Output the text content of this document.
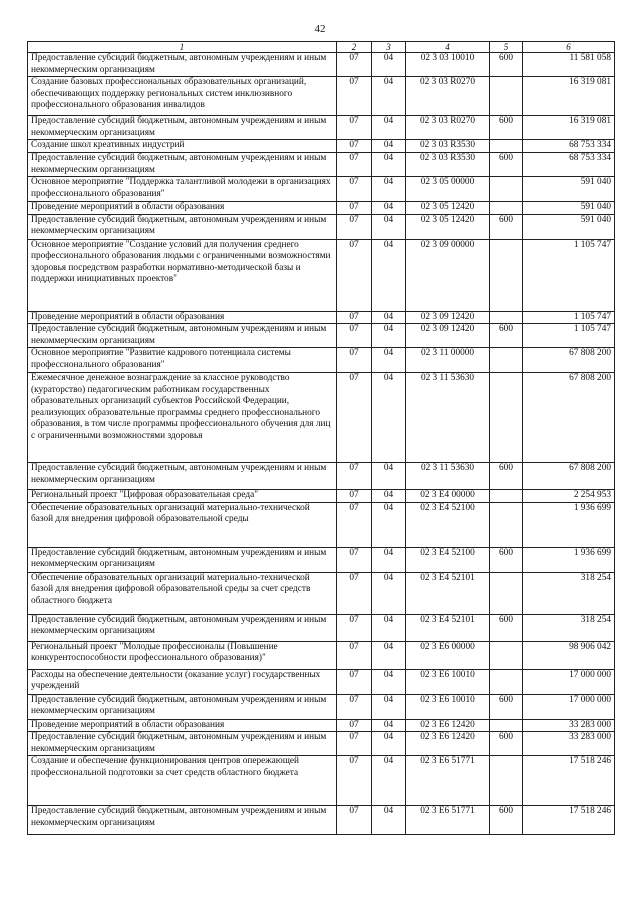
42
1	2	3	4	5	6
Предоставление субсидий бюджетным, автономным учреждениям и иным некоммерческим организациям	07	04	02 3 03 10010	600	11 581 058
Создание базовых профессиональных образовательных организаций, обеспечивающих поддержку региональных систем инклюзивного профессионального образования инвалидов	07	04	02 3 03 R0270		16 319 081
Предоставление субсидий бюджетным, автономным учреждениям и иным некоммерческим организациям	07	04	02 3 03 R0270	600	16 319 081
Создание школ креативных индустрий	07	04	02 3 03 R3530		68 753 334
Предоставление субсидий бюджетным, автономным учреждениям и иным некоммерческим организациям	07	04	02 3 03 R3530	600	68 753 334
Основное мероприятие "Поддержка талантливой молодежи в организациях профессионального образования"	07	04	02 3 05 00000		591 040
Проведение мероприятий в области образования	07	04	02 3 05 12420		591 040
Предоставление субсидий бюджетным, автономным учреждениям и иным некоммерческим организациям	07	04	02 3 05 12420	600	591 040
Основное мероприятие "Создание условий для получения среднего профессионального образования людьми с ограниченными возможностями здоровья посредством разработки нормативно-методической базы и поддержки инициативных проектов"	07	04	02 3 09 00000		1 105 747
Проведение мероприятий в области образования	07	04	02 3 09 12420		1 105 747
Предоставление субсидий бюджетным, автономным учреждениям и иным некоммерческим организациям	07	04	02 3 09 12420	600	1 105 747
Основное мероприятие "Развитие кадрового потенциала системы профессионального образования"	07	04	02 3 11 00000		67 808 200
Ежемесячное денежное вознаграждение за классное руководство (кураторство) педагогическим работникам государственных образовательных организаций субъектов Российской Федерации, реализующих образовательные программы среднего профессионального образования, в том числе программы профессионального обучения для лиц с ограниченными возможностями здоровья	07	04	02 3 11 53630		67 808 200
Предоставление субсидий бюджетным, автономным учреждениям и иным некоммерческим организациям	07	04	02 3 11 53630	600	67 808 200
Региональный проект "Цифровая образовательная среда"	07	04	02 3 E4 00000		2 254 953
Обеспечение образовательных организаций материально-технической базой для внедрения цифровой образовательной среды	07	04	02 3 E4 52100		1 936 699
Предоставление субсидий бюджетным, автономным учреждениям и иным некоммерческим организациям	07	04	02 3 E4 52100	600	1 936 699
Обеспечение образовательных организаций материально-технической базой для внедрения цифровой образовательной среды за счет средств областного бюджета	07	04	02 3 E4 52101		318 254
Предоставление субсидий бюджетным, автономным учреждениям и иным некоммерческим организациям	07	04	02 3 E4 52101	600	318 254
Региональный проект "Молодые профессионалы (Повышение конкурентоспособности профессионального образования)"	07	04	02 3 E6 00000		98 906 042
Расходы на обеспечение деятельности (оказание услуг) государственных учреждений	07	04	02 3 E6 10010		17 000 000
Предоставление субсидий бюджетным, автономным учреждениям и иным некоммерческим организациям	07	04	02 3 E6 10010	600	17 000 000
Проведение мероприятий в области образования	07	04	02 3 E6 12420		33 283 000
Предоставление субсидий бюджетным, автономным учреждениям и иным некоммерческим организациям	07	04	02 3 E6 12420	600	33 283 000
Создание и обеспечение функционирования центров опережающей профессиональной подготовки за счет средств областного бюджета	07	04	02 3 E6 51771		17 518 246
Предоставление субсидий бюджетным, автономным учреждениям и иным некоммерческим организациям	07	04	02 3 E6 51771	600	17 518 246
